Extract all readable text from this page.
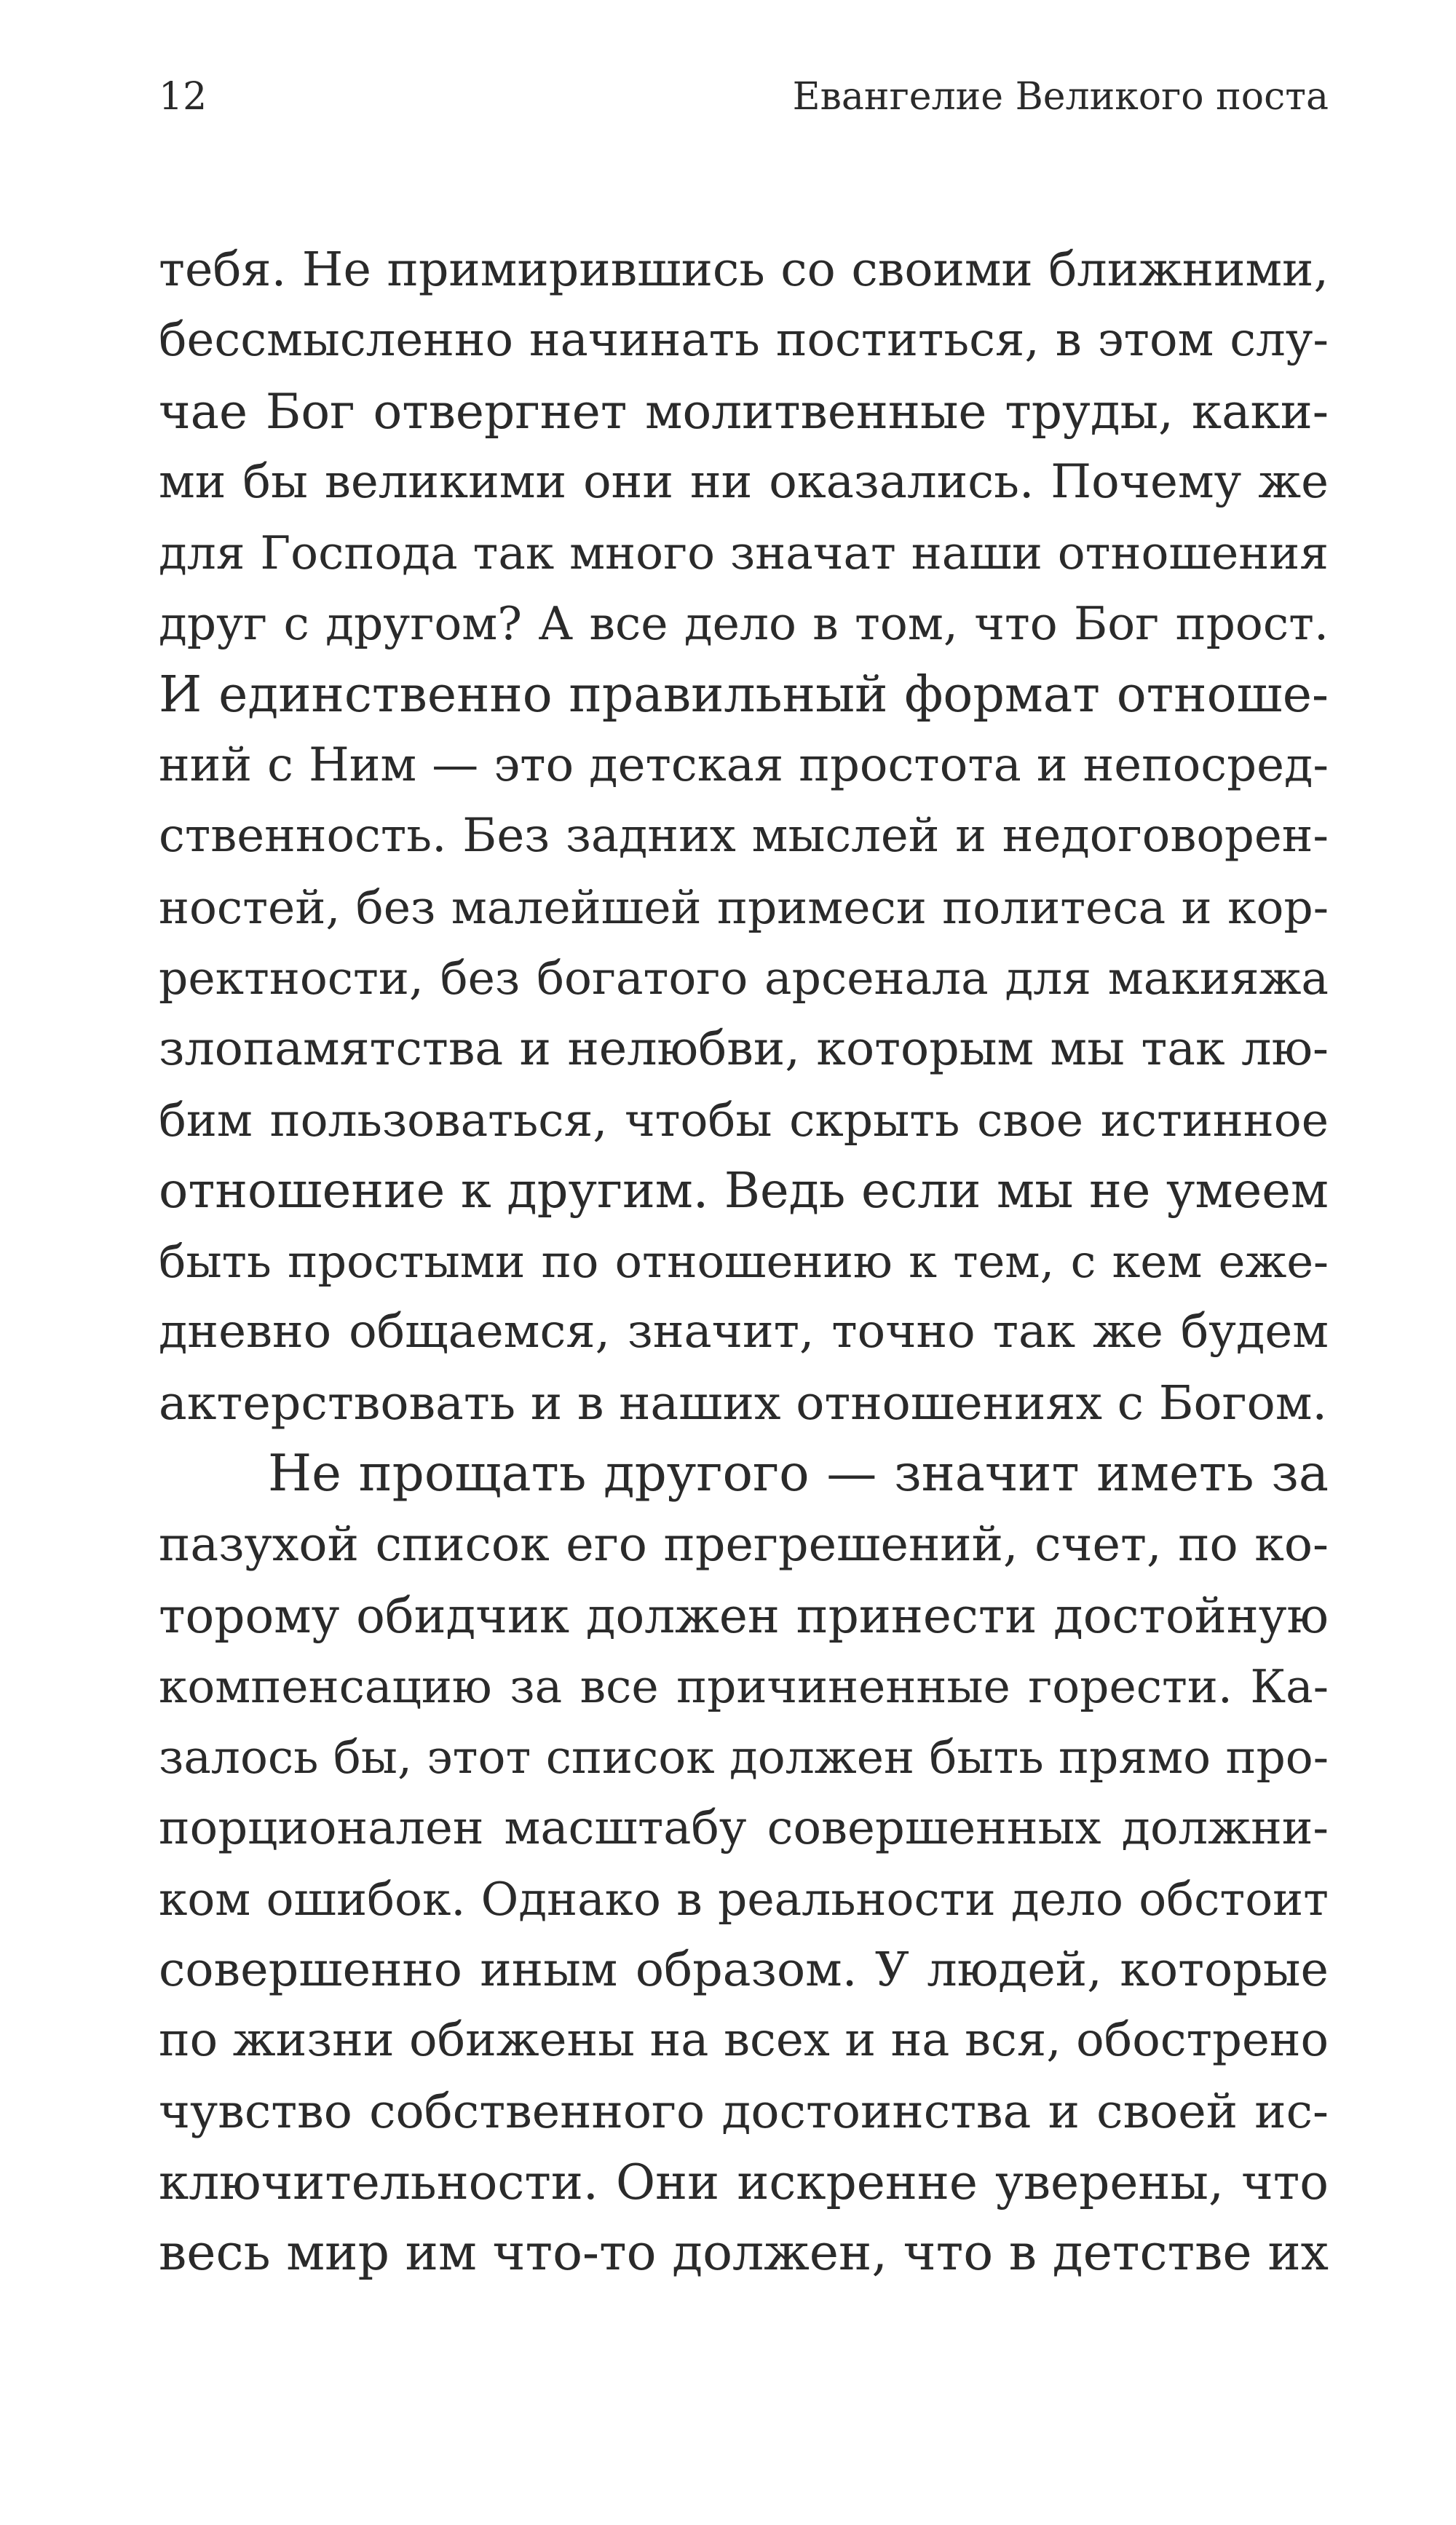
12	Евангелие Великого поста
тебя. Не примирившись со своими ближними,
бессмысленно начинать поститься, в этом слу-
чае Бог отвергнет молитвенные труды, каки-
ми бы великими они ни оказались. Почему же
для Господа так много значат наши отношения
друг с другом? А все дело в том, что Бог прост.
И единственно правильный формат отноше-
ний с Ним — это детская простота и непосред-
ственность. Без задних мыслей и недоговорен-
ностей, без малейшей примеси политеса и кор-
ректности, без богатого арсенала для макияжа
злопамятства и нелюбви, которым мы так лю-
бим пользоваться, чтобы скрыть свое истинное
отношение к другим. Ведь если мы не умеем
быть простыми по отношению к тем, с кем еже-
дневно общаемся, значит, точно так же будем
актерствовать и в наших отношениях с Богом.
Не прощать другого — значит иметь за
пазухой список его прегрешений, счет, по ко-
торому обидчик должен принести достойную
компенсацию за все причиненные горести. Ка-
залось бы, этот список должен быть прямо про-
порционален масштабу совершенных должни-
ком ошибок. Однако в реальности дело обстоит
совершенно иным образом. У людей, которые
по жизни обижены на всех и на вся, обострено
чувство собственного достоинства и своей ис-
ключительности. Они искренне уверены, что
весь мир им что-то должен, что в детстве их
